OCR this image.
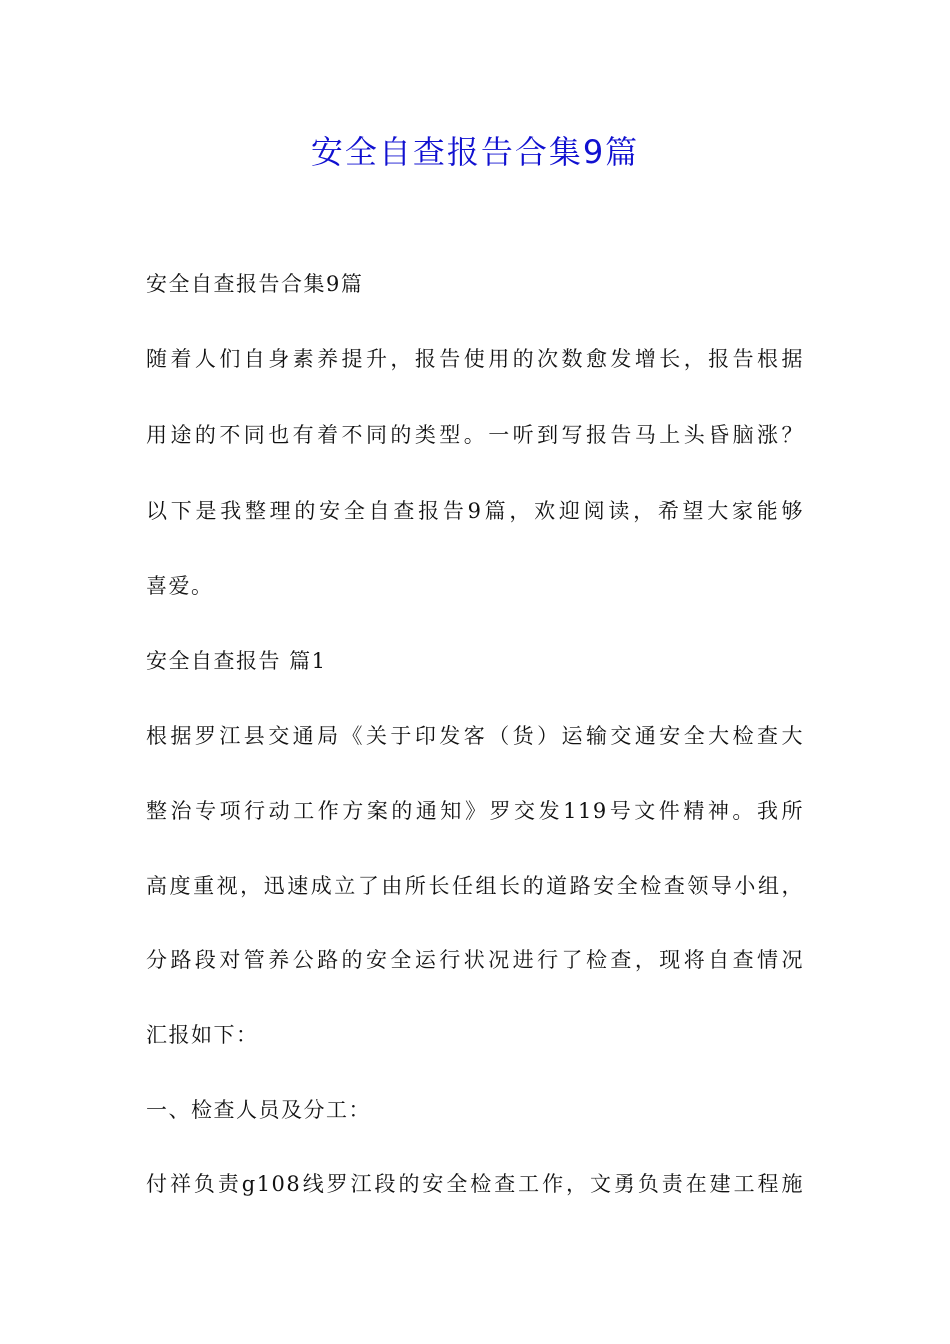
安全自查报告合集9篇

安全自查报告合集9篇

随着人们自身素养提升，报告使用的次数愈发增长，报告根据

用途的不同也有着不同的类型。一听到写报告马上头昏脑涨？

以下是我整理的安全自查报告9篇，欢迎阅读，希望大家能够

喜爱。

安全自查报告 篇1

根据罗江县交通局《关于印发客（货）运输交通安全大检查大

整治专项行动工作方案的通知》罗交发119号文件精神。我所

高度重视，迅速成立了由所长任组长的道路安全检查领导小组，

分路段对管养公路的安全运行状况进行了检查，现将自查情况

汇报如下：

一、检查人员及分工：

付祥负责g108线罗江段的安全检查工作，文勇负责在建工程施
